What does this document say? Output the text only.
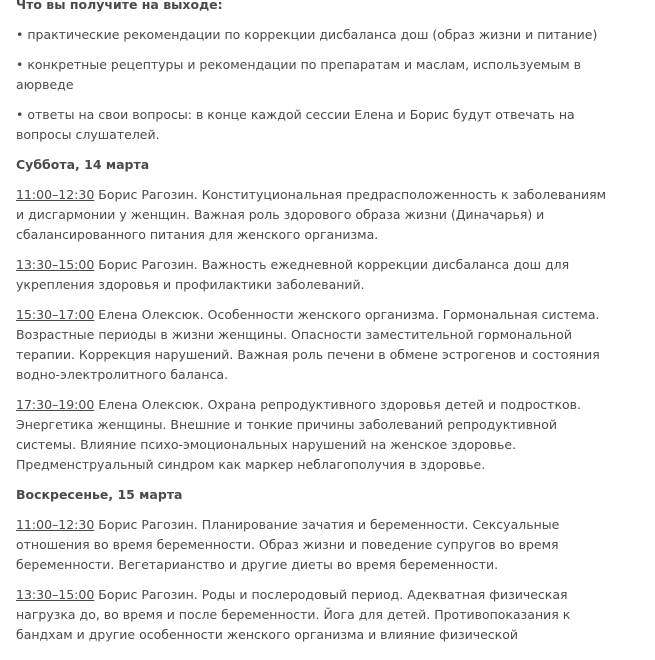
Что вы получите на выходе:
• практические рекомендации по коррекции дисбаланса дош (образ жизни и питание)
• конкретные рецептуры и рекомендации по препаратам и маслам, используемым в аюрведе
• ответы на свои вопросы: в конце каждой сессии Елена и Борис будут отвечать на вопросы слушателей.
Суббота, 14 марта
11:00–12:30 Борис Рагозин. Конституциональная предрасположенность к заболеваниям и дисгармонии у женщин. Важная роль здорового образа жизни (Диначарья) и сбалансированного питания для женского организма.
13:30–15:00 Борис Рагозин. Важность ежедневной коррекции дисбаланса дош для укрепления здоровья и профилактики заболеваний.
15:30–17:00 Елена Олексюк. Особенности женского организма. Гормональная система. Возрастные периоды в жизни женщины. Опасности заместительной гормональной терапии. Коррекция нарушений. Важная роль печени в обмене эстрогенов и состояния водно-электролитного баланса.
17:30–19:00 Елена Олексюк. Охрана репродуктивного здоровья детей и подростков. Энергетика женщины. Внешние и тонкие причины заболеваний репродуктивной системы. Влияние психо-эмоциональных нарушений на женское здоровье. Предменструальный синдром как маркер неблагополучия в здоровье.
Воскресенье, 15 марта
11:00–12:30 Борис Рагозин. Планирование зачатия и беременности. Сексуальные отношения во время беременности. Образ жизни и поведение супругов во время беременности. Вегетарианство и другие диеты во время беременности.
13:30–15:00 Борис Рагозин. Роды и послеродовый период. Адекватная физическая нагрузка до, во время и после беременности. Йога для детей. Противопоказания к бандхам и другие особенности женского организма и влияние физической
